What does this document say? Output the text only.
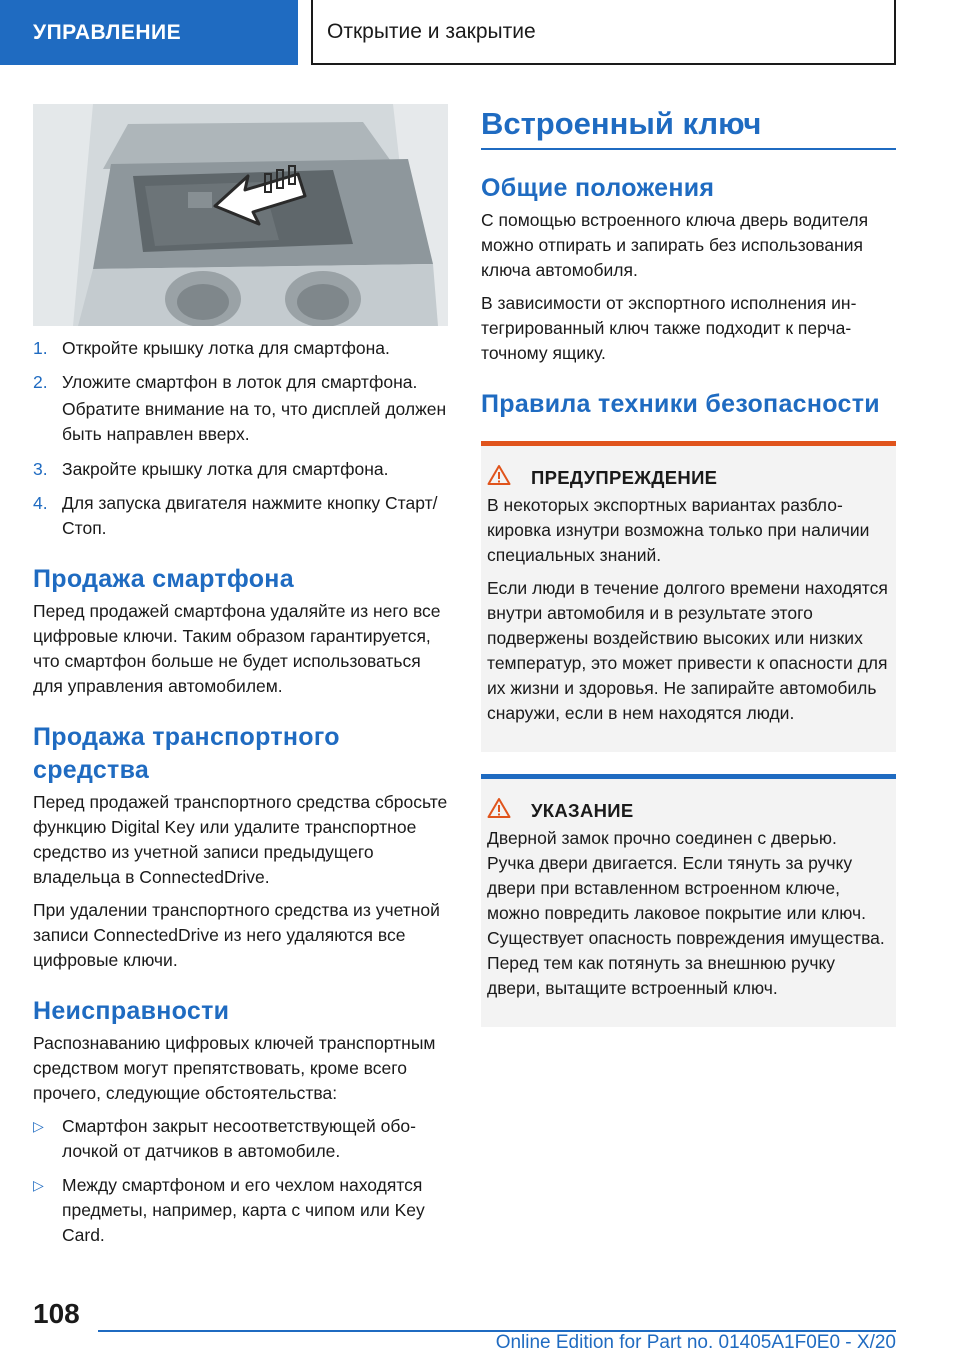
УПРАВЛЕНИЕ	Открытие и закрытие
1. Откройте крышку лотка для смартфона.
2. Уложите смартфон в лоток для смартфона.

Обратите внимание на то, что дисплей должен быть направлен вверх.

3. Закройте крышку лотка для смартфона.
4. Для запуска двигателя нажмите кнопку Старт/Стоп.
Продажа смартфона

Перед продажей смартфона удаляйте из него все цифровые ключи. Таким образом гарантируется, что смартфон больше не будет использоваться для управления автомобилем.

Продажа транспортного средства

Перед продажей транспортного средства сбросьте функцию Digital Key или удалите транспортное средство из учетной записи предыдущего владельца в ConnectedDrive.

При удалении транспортного средства из учетной записи ConnectedDrive из него удаляются все цифровые ключи.

Неисправности

Распознаванию цифровых ключей транспортным средством могут препятствовать, кроме всего прочего, следующие обстоятельства:

▷	Смартфон закрыт несоответствующей оболочкой от датчиков в автомобиле.
▷	Между смартфоном и его чехлом находятся предметы, например, карта с чипом или Key Card.
Встроенный ключ
Общие положения

С помощью встроенного ключа дверь водителя можно отпирать и запирать без использования ключа автомобиля.

В зависимости от экспортного исполнения интегрированный ключ также подходит к перчаточному ящику.

Правила техники безопасности
ПРЕДУПРЕЖДЕНИЕ

В некоторых экспортных вариантах разблокировка изнутри возможна только при наличии специальных знаний.

Если люди в течение долгого времени находятся внутри автомобиля и в результате этого подвержены воздействию высоких или низких температур, это может привести к опасности для их жизни и здоровья. Не запирайте автомобиль снаружи, если в нем находятся люди.

УКАЗАНИЕ

Дверной замок прочно соединен с дверью. Ручка двери двигается. Если тянуть за ручку двери при вставленном встроенном ключе, можно повредить лаковое покрытие или ключ. Существует опасность повреждения имущества. Перед тем как потянуть за внешнюю ручку двери, вытащите встроенный ключ.

108
Online Edition for Part no. 01405A1F0E0 - X/20
